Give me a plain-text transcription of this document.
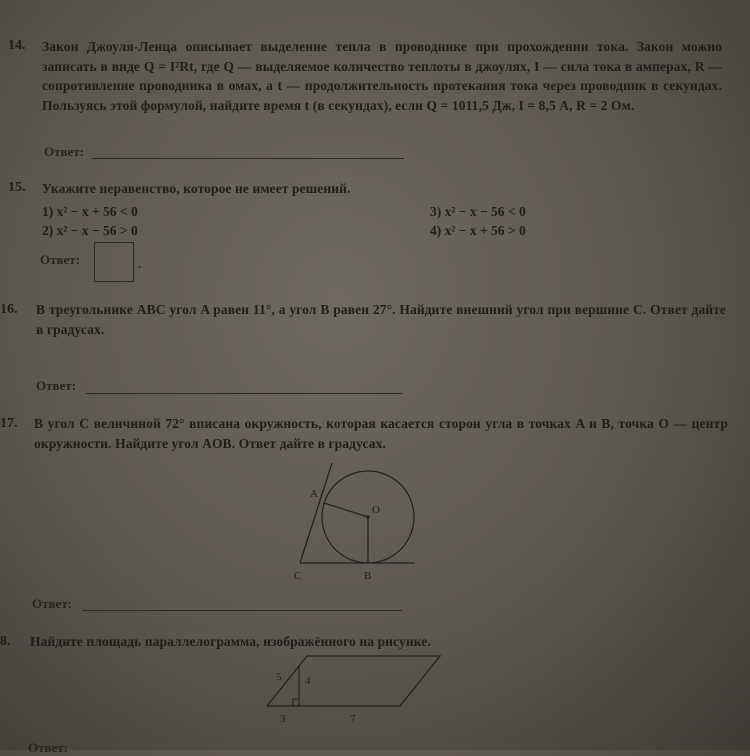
14. Закон Джоуля-Ленца описывает выделение тепла в проводнике при прохождении тока. Закон можно записать в виде Q = I²Rt, где Q — выделяемое количество теплоты в джоулях, I — сила тока в амперах, R — сопротивление проводника в омах, а t — продолжительность протекания тока через проводник в секундах. Пользуясь этой формулой, найдите время t (в секундах), если Q = 1011,5 Дж, I = 8,5 А, R = 2 Ом.
Ответ:
15. Укажите неравенство, которое не имеет решений.
1) x² − x + 56 < 0
2) x² − x − 56 > 0
3) x² − x − 56 < 0
4) x² − x + 56 > 0
Ответ:	.
16. В треугольнике ABC угол A равен 11°, а угол B равен 27°. Найдите внешний угол при вершине C. Ответ дайте в градусах.
Ответ:
17. В угол C величиной 72° вписана окружность, которая касается сторон угла в точках A и B, точка O — центр окружности. Найдите угол AOB. Ответ дайте в градусах.
A
O
C	B
Ответ:
8. Найдите площадь параллелограмма, изображённого на рисунке.
5 4
3	7
Ответ:
